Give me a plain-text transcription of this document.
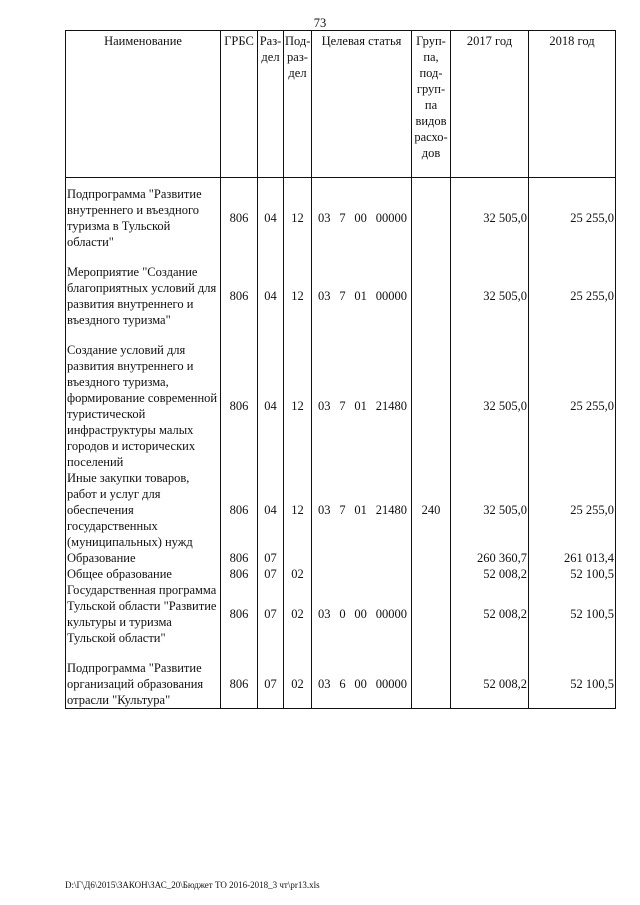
73
Наименование	ГРБС	Раз-дел	Под-раз-дел	Целевая статья	Груп-па, под-груп-па видов расхо-дов	2017 год	2018 год

Подпрограмма "Развитие внутреннего и въездного туризма в Тульской области"	806	04	12	03 7 00 00000		32 505,0	25 255,0

Мероприятие "Создание благоприятных условий для развития внутреннего и въездного туризма"	806	04	12	03 7 01 00000		32 505,0	25 255,0

Создание условий для развития внутреннего и въездного туризма, формирование современной туристической инфраструктуры малых городов и исторических поселений	806	04	12	03 7 01 21480		32 505,0	25 255,0
Иные закупки товаров, работ и услуг для обеспечения государственных (муниципальных) нужд	806	04	12	03 7 01 21480	240	32 505,0	25 255,0
Образование	806	07				260 360,7	261 013,4
Общее образование	806	07	02			52 008,2	52 100,5
Государственная программа Тульской области "Развитие культуры и туризма Тульской области"	806	07	02	03 0 00 00000		52 008,2	52 100,5

Подпрограмма "Развитие организаций образования отрасли "Культура"	806	07	02	03 6 00 00000		52 008,2	52 100,5
D:\Г\Д6\2015\ЗАКОН\ЗАС_20\Бюджет ТО 2016-2018_3 чт\pr13.xls
